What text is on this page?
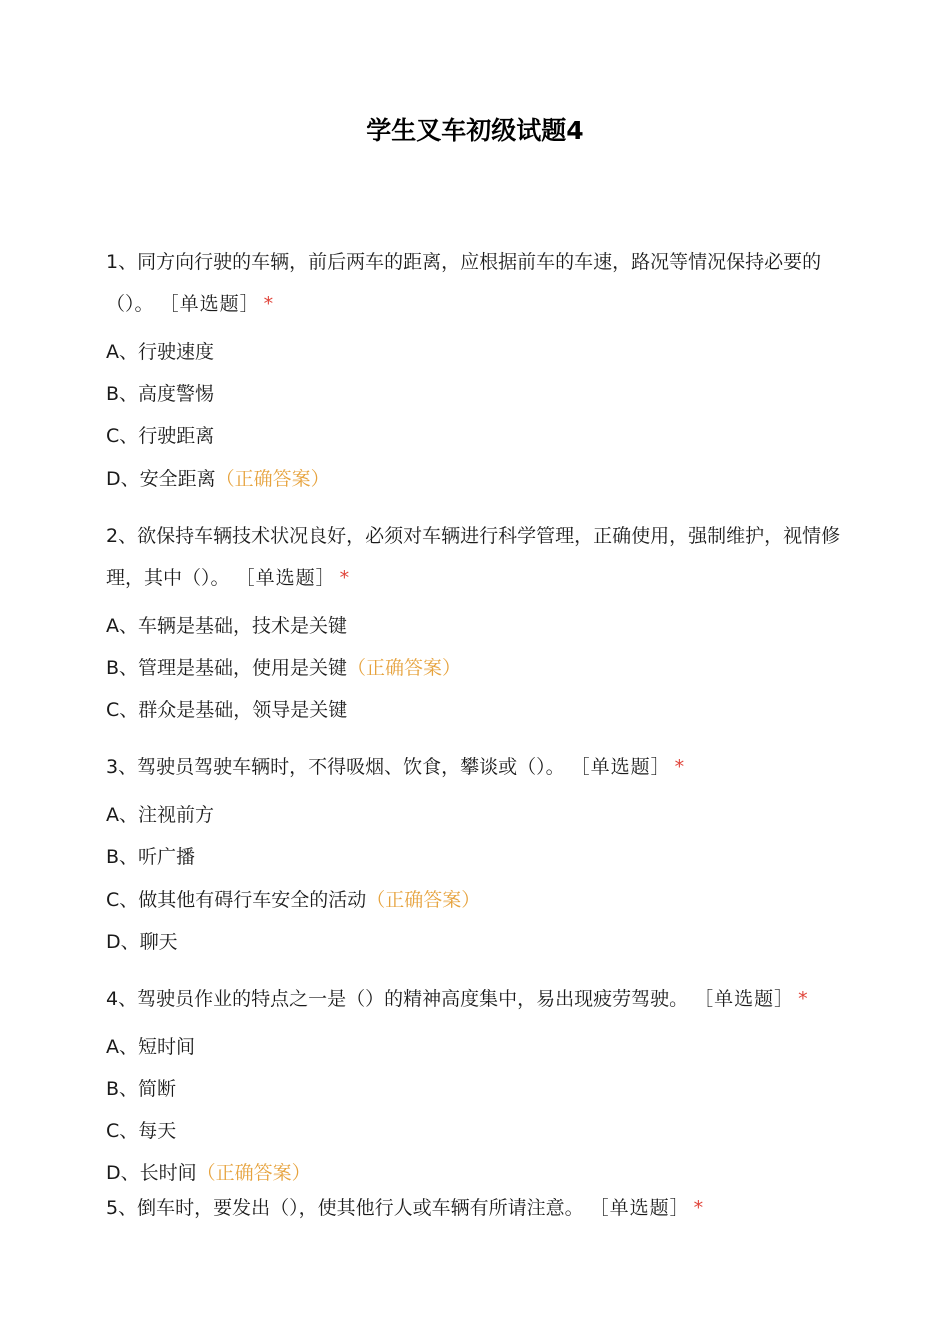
学生叉车初级试题4

1、同方向行驶的车辆，前后两车的距离，应根据前车的车速，路况等情况保持必要的（）。 ［单选题］ *

A、行驶速度

B、高度警惕

C、行驶距离

D、安全距离（正确答案）

2、欲保持车辆技术状况良好，必须对车辆进行科学管理，正确使用，强制维护，视情修理，其中（）。 ［单选题］ *

A、车辆是基础，技术是关键

B、管理是基础，使用是关键（正确答案）

C、群众是基础，领导是关键

3、驾驶员驾驶车辆时，不得吸烟、饮食，攀谈或（）。 ［单选题］ *

A、注视前方

B、听广播

C、做其他有碍行车安全的活动（正确答案）

D、聊天

4、驾驶员作业的特点之一是（）的精神高度集中，易出现疲劳驾驶。 ［单选题］ *

A、短时间

B、简断

C、每天

D、长时间（正确答案）

5、倒车时，要发出（），使其他行人或车辆有所请注意。 ［单选题］ *
